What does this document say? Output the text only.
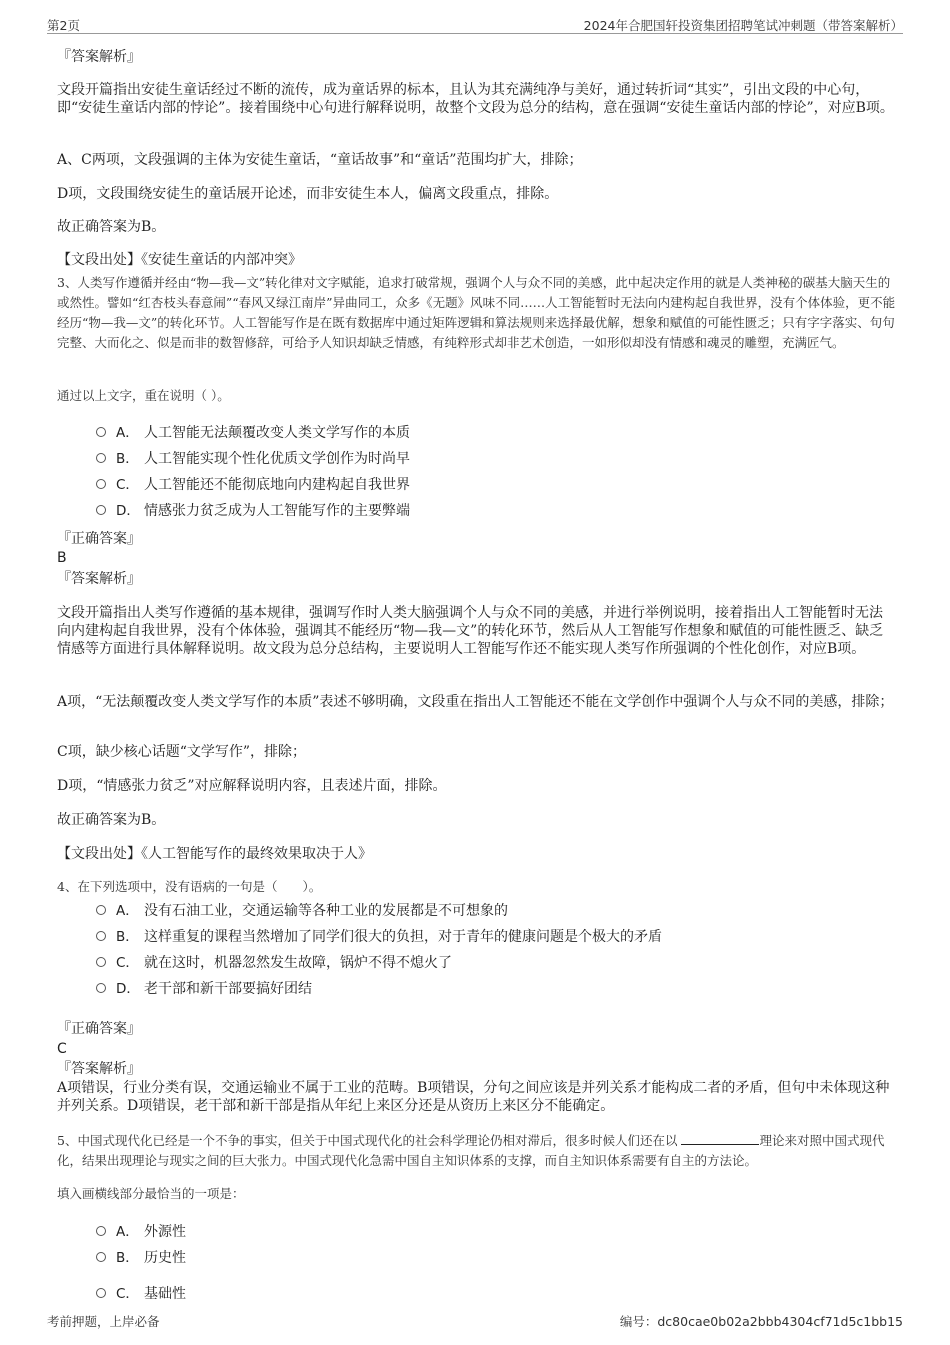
第2页	2024年合肥国轩投资集团招聘笔试冲刺题（带答案解析）

『答案解析』

文段开篇指出安徒生童话经过不断的流传，成为童话界的标本，且认为其充满纯净与美好，通过转折词“其实”，引出文段的中心句，即“安徒生童话内部的悖论”。接着围绕中心句进行解释说明，故整个文段为总分的结构，意在强调“安徒生童话内部的悖论”，对应B项。

A、C两项，文段强调的主体为安徒生童话，“童话故事”和“童话”范围均扩大，排除；

D项，文段围绕安徒生的童话展开论述，而非安徒生本人，偏离文段重点，排除。

故正确答案为B。

【文段出处】《安徒生童话的内部冲突》

3、人类写作遵循并经由“物—我—文”转化律对文字赋能，追求打破常规，强调个人与众不同的美感，此中起决定作用的就是人类神秘的碳基大脑天生的或然性。譬如“红杏枝头春意闹”“春风又绿江南岸”异曲同工，众多《无题》风味不同……人工智能暂时无法向内建构起自我世界，没有个体体验，更不能经历“物—我—文”的转化环节。人工智能写作是在既有数据库中通过矩阵逻辑和算法规则来选择最优解，想象和赋值的可能性匮乏；只有字字落实、句句完整、大而化之、似是而非的数智修辞，可给予人知识却缺乏情感，有纯粹形式却非艺术创造，一如形似却没有情感和魂灵的雕塑，充满匠气。

通过以上文字，重在说明（ ）。

A． 人工智能无法颠覆改变人类文学写作的本质
B． 人工智能实现个性化优质文学创作为时尚早
C． 人工智能还不能彻底地向内建构起自我世界
D． 情感张力贫乏成为人工智能写作的主要弊端

『正确答案』

B

『答案解析』

文段开篇指出人类写作遵循的基本规律，强调写作时人类大脑强调个人与众不同的美感，并进行举例说明，接着指出人工智能暂时无法向内建构起自我世界，没有个体体验，强调其不能经历“物—我—文”的转化环节，然后从人工智能写作想象和赋值的可能性匮乏、缺乏情感等方面进行具体解释说明。故文段为总分总结构，主要说明人工智能写作还不能实现人类写作所强调的个性化创作，对应B项。

A项，“无法颠覆改变人类文学写作的本质”表述不够明确，文段重在指出人工智能还不能在文学创作中强调个人与众不同的美感，排除；

C项，缺少核心话题“文学写作”，排除；

D项，“情感张力贫乏”对应解释说明内容，且表述片面，排除。

故正确答案为B。

【文段出处】《人工智能写作的最终效果取决于人》

4、在下列选项中，没有语病的一句是（　　）。

A． 没有石油工业，交通运输等各种工业的发展都是不可想象的
B． 这样重复的课程当然增加了同学们很大的负担，对于青年的健康问题是个极大的矛盾
C． 就在这时，机器忽然发生故障，锅炉不得不熄火了
D． 老干部和新干部要搞好团结

『正确答案』

C

『答案解析』

A项错误，行业分类有误，交通运输业不属于工业的范畴。B项错误，分句之间应该是并列关系才能构成二者的矛盾，但句中未体现这种并列关系。D项错误，老干部和新干部是指从年纪上来区分还是从资历上来区分不能确定。

5、中国式现代化已经是一个不争的事实，但关于中国式现代化的社会科学理论仍相对滞后，很多时候人们还在以	理论来对照中国式现代化，结果出现理论与现实之间的巨大张力。中国式现代化急需中国自主知识体系的支撑，而自主知识体系需要有自主的方法论。

填入画横线部分最恰当的一项是：

A． 外源性
B． 历史性
C． 基础性
考前押题，上岸必备	编号：dc80cae0b02a2bbb4304cf71d5c1bb15
